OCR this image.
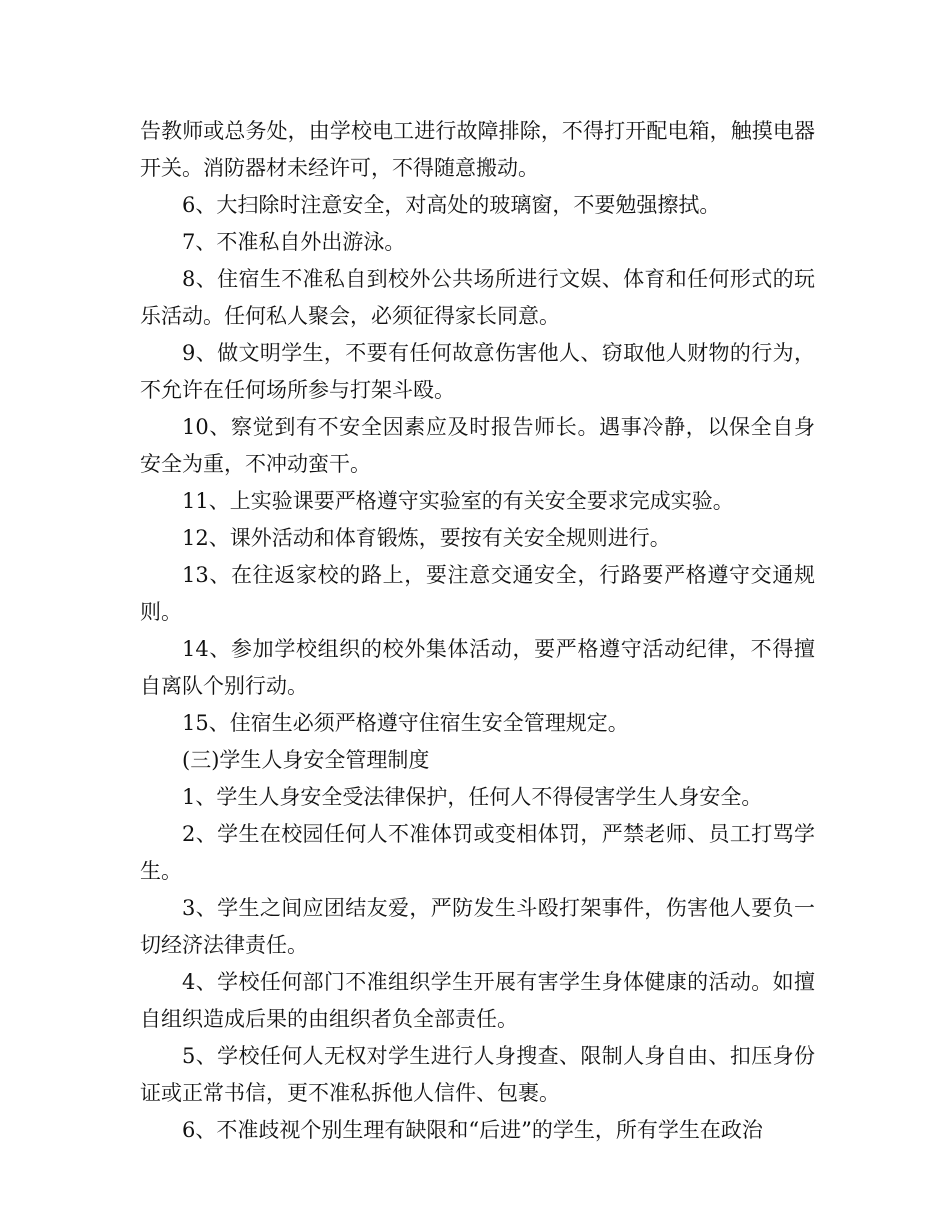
告教师或总务处，由学校电工进行故障排除，不得打开配电箱，触摸电器开关。消防器材未经许可，不得随意搬动。

6、大扫除时注意安全，对高处的玻璃窗，不要勉强擦拭。

7、不准私自外出游泳。

8、住宿生不准私自到校外公共场所进行文娱、体育和任何形式的玩乐活动。任何私人聚会，必须征得家长同意。

9、做文明学生，不要有任何故意伤害他人、窃取他人财物的行为，不允许在任何场所参与打架斗殴。

10、察觉到有不安全因素应及时报告师长。遇事冷静，以保全自身安全为重，不冲动蛮干。

11、上实验课要严格遵守实验室的有关安全要求完成实验。

12、课外活动和体育锻炼，要按有关安全规则进行。

13、在往返家校的路上，要注意交通安全，行路要严格遵守交通规则。

14、参加学校组织的校外集体活动，要严格遵守活动纪律，不得擅自离队个别行动。

15、住宿生必须严格遵守住宿生安全管理规定。

(三)学生人身安全管理制度

1、学生人身安全受法律保护，任何人不得侵害学生人身安全。

2、学生在校园任何人不准体罚或变相体罚，严禁老师、员工打骂学生。

3、学生之间应团结友爱，严防发生斗殴打架事件，伤害他人要负一切经济法律责任。

4、学校任何部门不准组织学生开展有害学生身体健康的活动。如擅自组织造成后果的由组织者负全部责任。

5、学校任何人无权对学生进行人身搜查、限制人身自由、扣压身份证或正常书信，更不准私拆他人信件、包裹。

6、不准歧视个别生理有缺限和“后进”的学生，所有学生在政治
